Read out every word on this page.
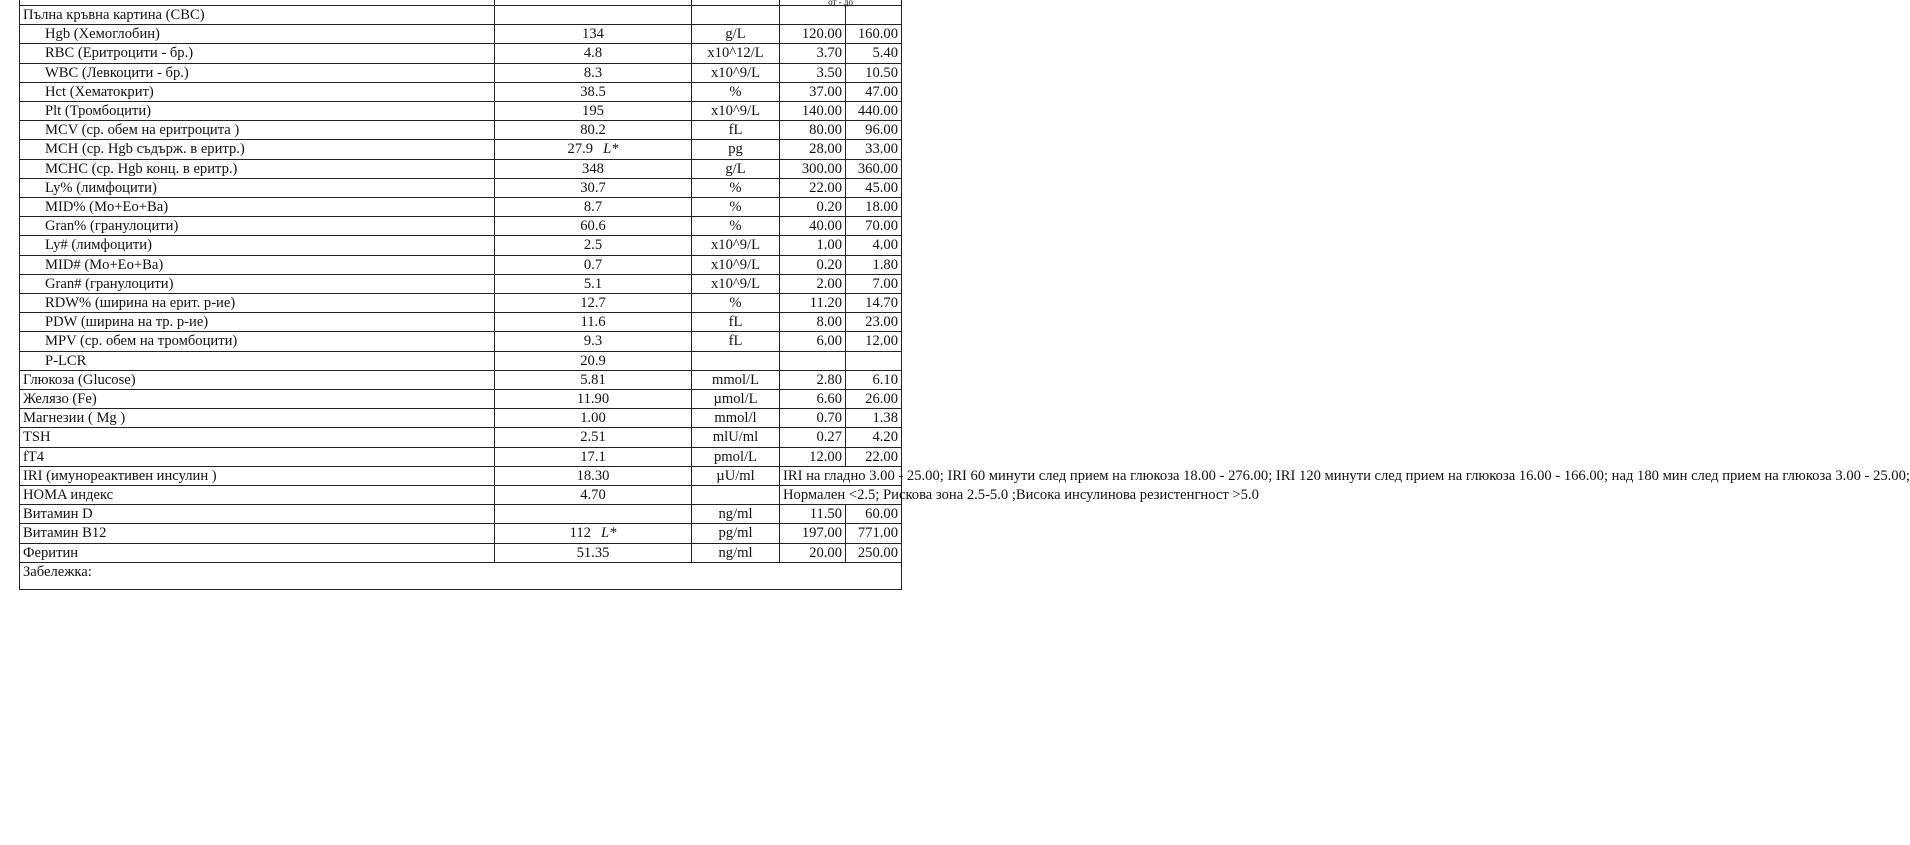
			от - до	
Пълна кръвна картина (CBC)				
Hgb (Хемоглобин)	134	g/L	120.00	160.00
RBC (Еритроцити - бр.)	4.8	x10^12/L	3.70	5.40
WBC (Левкоцити - бр.)	8.3	x10^9/L	3.50	10.50
Hct (Хематокрит)	38.5	%	37.00	47.00
Plt (Тромбоцити)	195	x10^9/L	140.00	440.00
MCV (ср. обем на еритроцита )	80.2	fL	80.00	96.00
MCH (ср. Hgb съдърж. в еритр.)	27.9 L*	pg	28.00	33.00
MCHC (ср. Hgb конц. в еритр.)	348	g/L	300.00	360.00
Ly% (лимфоцити)	30.7	%	22.00	45.00
MID% (Mo+Eo+Ba)	8.7	%	0.20	18.00
Gran% (гранулоцити)	60.6	%	40.00	70.00
Ly# (лимфоцити)	2.5	x10^9/L	1.00	4.00
MID# (Mo+Eo+Ba)	0.7	x10^9/L	0.20	1.80
Gran# (гранулоцити)	5.1	x10^9/L	2.00	7.00
RDW% (ширина на ерит. р-ие)	12.7	%	11.20	14.70
PDW (ширина на тр. р-ие)	11.6	fL	8.00	23.00
MPV (ср. обем на тромбоцити)	9.3	fL	6.00	12.00
P-LCR	20.9			
Глюкоза (Glucose)	5.81	mmol/L	2.80	6.10
Желязо (Fe)	11.90	µmol/L	6.60	26.00
Магнезии ( Mg )	1.00	mmol/l	0.70	1.38
TSH	2.51	mlU/ml	0.27	4.20
fT4	17.1	pmol/L	12.00	22.00
IRI (имунореактивен инсулин )	18.30	µU/ml	IRI на гладно 3.00 - 25.00; IRI 60 минути след прием на глюкоза 18.00 - 276.00; IRI 120 минути след прием на глюкоза 16.00 - 166.00; над 180 мин след прием на глюкоза 3.00 - 25.00;	
HOMA индекс	4.70		Нормален <2.5; Рискова зона 2.5-5.0 ;Висока инсулинова резистенгност >5.0	
Витамин D		ng/ml	11.50	60.00
Витамин B12	112 L*	pg/ml	197.00	771.00
Феритин	51.35	ng/ml	20.00	250.00
Забележка:				
